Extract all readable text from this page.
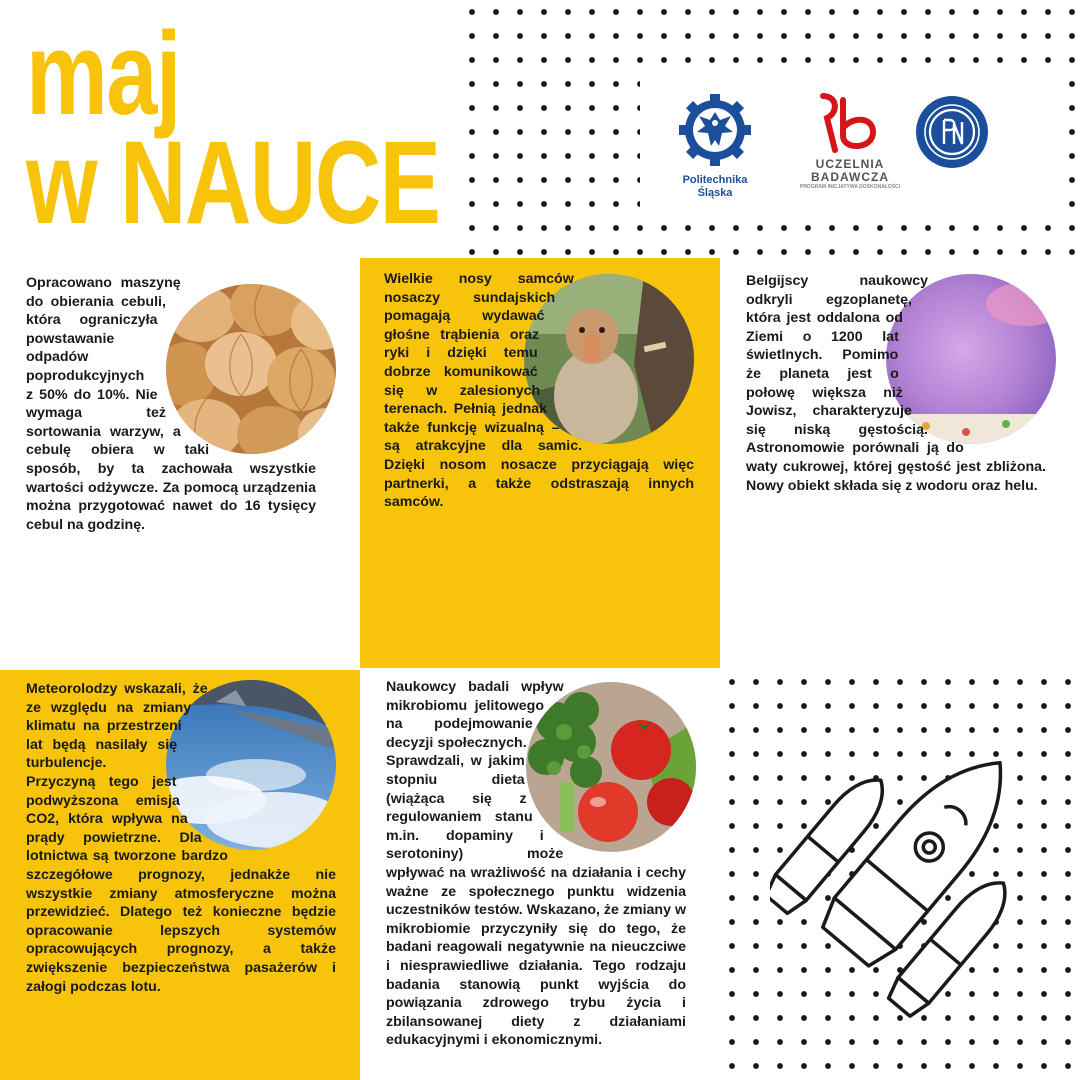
Politechnika
Śląska
UCZELNIA
BADAWCZA
PROGRAM INICJATYWA DOSKONAŁOŚCI
maj
w NAUCE
Opracowano maszynę do obierania cebuli, która ograniczyła powstawanie odpadów poprodukcyjnych z 50% do 10%. Nie wymaga też sortowania warzyw, a cebulę obiera w taki sposób, by ta zachowała wszystkie wartości odżywcze. Za pomocą urządzenia można przygotować nawet do 16 tysięcy cebul na godzinę.
Wielkie nosy samców nosaczy sundajskich pomagają wydawać głośne trąbienia oraz ryki i dzięki temu dobrze komunikować się w zalesionych terenach. Pełnią jednak także funkcję wizualną – są atrakcyjne dla samic. Dzięki nosom nosacze przyciągają więc partnerki, a także odstraszają innych samców.
Belgijscy naukowcy odkryli egzoplanetę, która jest oddalona od Ziemi o 1200 lat świetlnych. Pomimo że planeta jest o połowę większa niż Jowisz, charakteryzuje się niską gęstością. Astronomowie porównali ją do waty cukrowej, której gęstość jest zbliżona. Nowy obiekt składa się z wodoru oraz helu.
Meteorolodzy wskazali, że ze względu na zmiany klimatu na przestrzeni lat będą nasilały się turbulencje. Przyczyną tego jest podwyższona emisja CO2, która wpływa na prądy powietrzne. Dla lotnictwa są tworzone bardzo szczegółowe prognozy, jednakże nie wszystkie zmiany atmosferyczne można przewidzieć. Dlatego też konieczne będzie opracowanie lepszych systemów opracowujących prognozy, a także zwiększenie bezpieczeństwa pasażerów i załogi podczas lotu.
Naukowcy badali wpływ mikrobiomu jelitowego na podejmowanie decyzji społecznych. Sprawdzali, w jakim stopniu dieta (wiążąca się z regulowaniem stanu m.in. dopaminy i serotoniny) może wpływać na wrażliwość na działania i cechy ważne ze społecznego punktu widzenia uczestników testów. Wskazano, że zmiany w mikrobiomie przyczyniły się do tego, że badani reagowali negatywnie na nieuczciwe i niesprawiedliwe działania. Tego rodzaju badania stanowią punkt wyjścia do powiązania zdrowego trybu życia i zbilansowanej diety z działaniami edukacyjnymi i ekonomicznymi.
